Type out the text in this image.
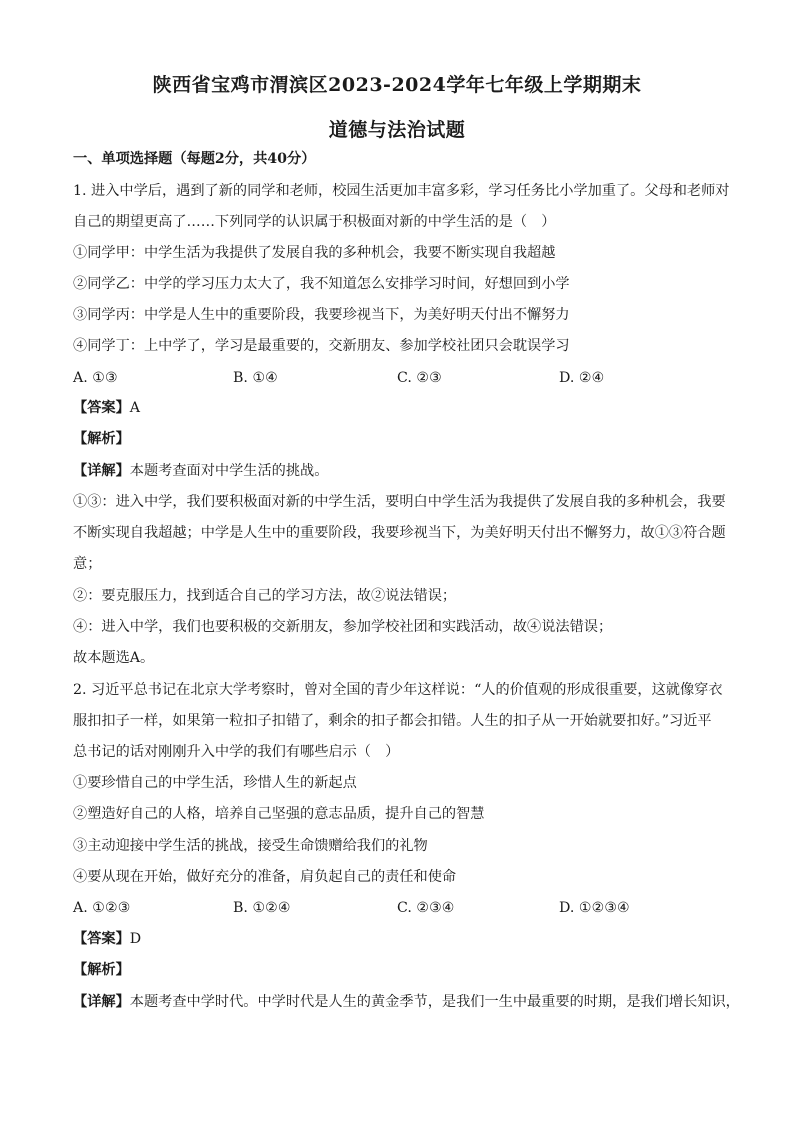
陕西省宝鸡市渭滨区2023-2024学年七年级上学期期末
道德与法治试题
一、单项选择题（每题2分，共40分）
1. 进入中学后，遇到了新的同学和老师，校园生活更加丰富多彩，学习任务比小学加重了。父母和老师对
自己的期望更高了……下列同学的认识属于积极面对新的中学生活的是（　）
①同学甲：中学生活为我提供了发展自我的多种机会，我要不断实现自我超越
②同学乙：中学的学习压力太大了，我不知道怎么安排学习时间，好想回到小学
③同学丙：中学是人生中的重要阶段，我要珍视当下，为美好明天付出不懈努力
④同学丁：上中学了，学习是最重要的，交新朋友、参加学校社团只会耽误学习
A. ①③	B. ①④	C. ②③	D. ②④
【答案】A
【解析】
【详解】本题考查面对中学生活的挑战。
①③：进入中学，我们要积极面对新的中学生活，要明白中学生活为我提供了发展自我的多种机会，我要
不断实现自我超越；中学是人生中的重要阶段，我要珍视当下，为美好明天付出不懈努力，故①③符合题
意；
②：要克服压力，找到适合自己的学习方法，故②说法错误；
④：进入中学，我们也要积极的交新朋友，参加学校社团和实践活动，故④说法错误；
故本题选A。
2. 习近平总书记在北京大学考察时，曾对全国的青少年这样说：“人的价值观的形成很重要，这就像穿衣
服扣扣子一样，如果第一粒扣子扣错了，剩余的扣子都会扣错。人生的扣子从一开始就要扣好。”习近平
总书记的话对刚刚升入中学的我们有哪些启示（　）
①要珍惜自己的中学生活，珍惜人生的新起点
②塑造好自己的人格，培养自己坚强的意志品质，提升自己的智慧
③主动迎接中学生活的挑战，接受生命馈赠给我们的礼物
④要从现在开始，做好充分的准备，肩负起自己的责任和使命
A. ①②③	B. ①②④	C. ②③④	D. ①②③④
【答案】D
【解析】
【详解】本题考查中学时代。中学时代是人生的黄金季节，是我们一生中最重要的时期，是我们增长知识，
